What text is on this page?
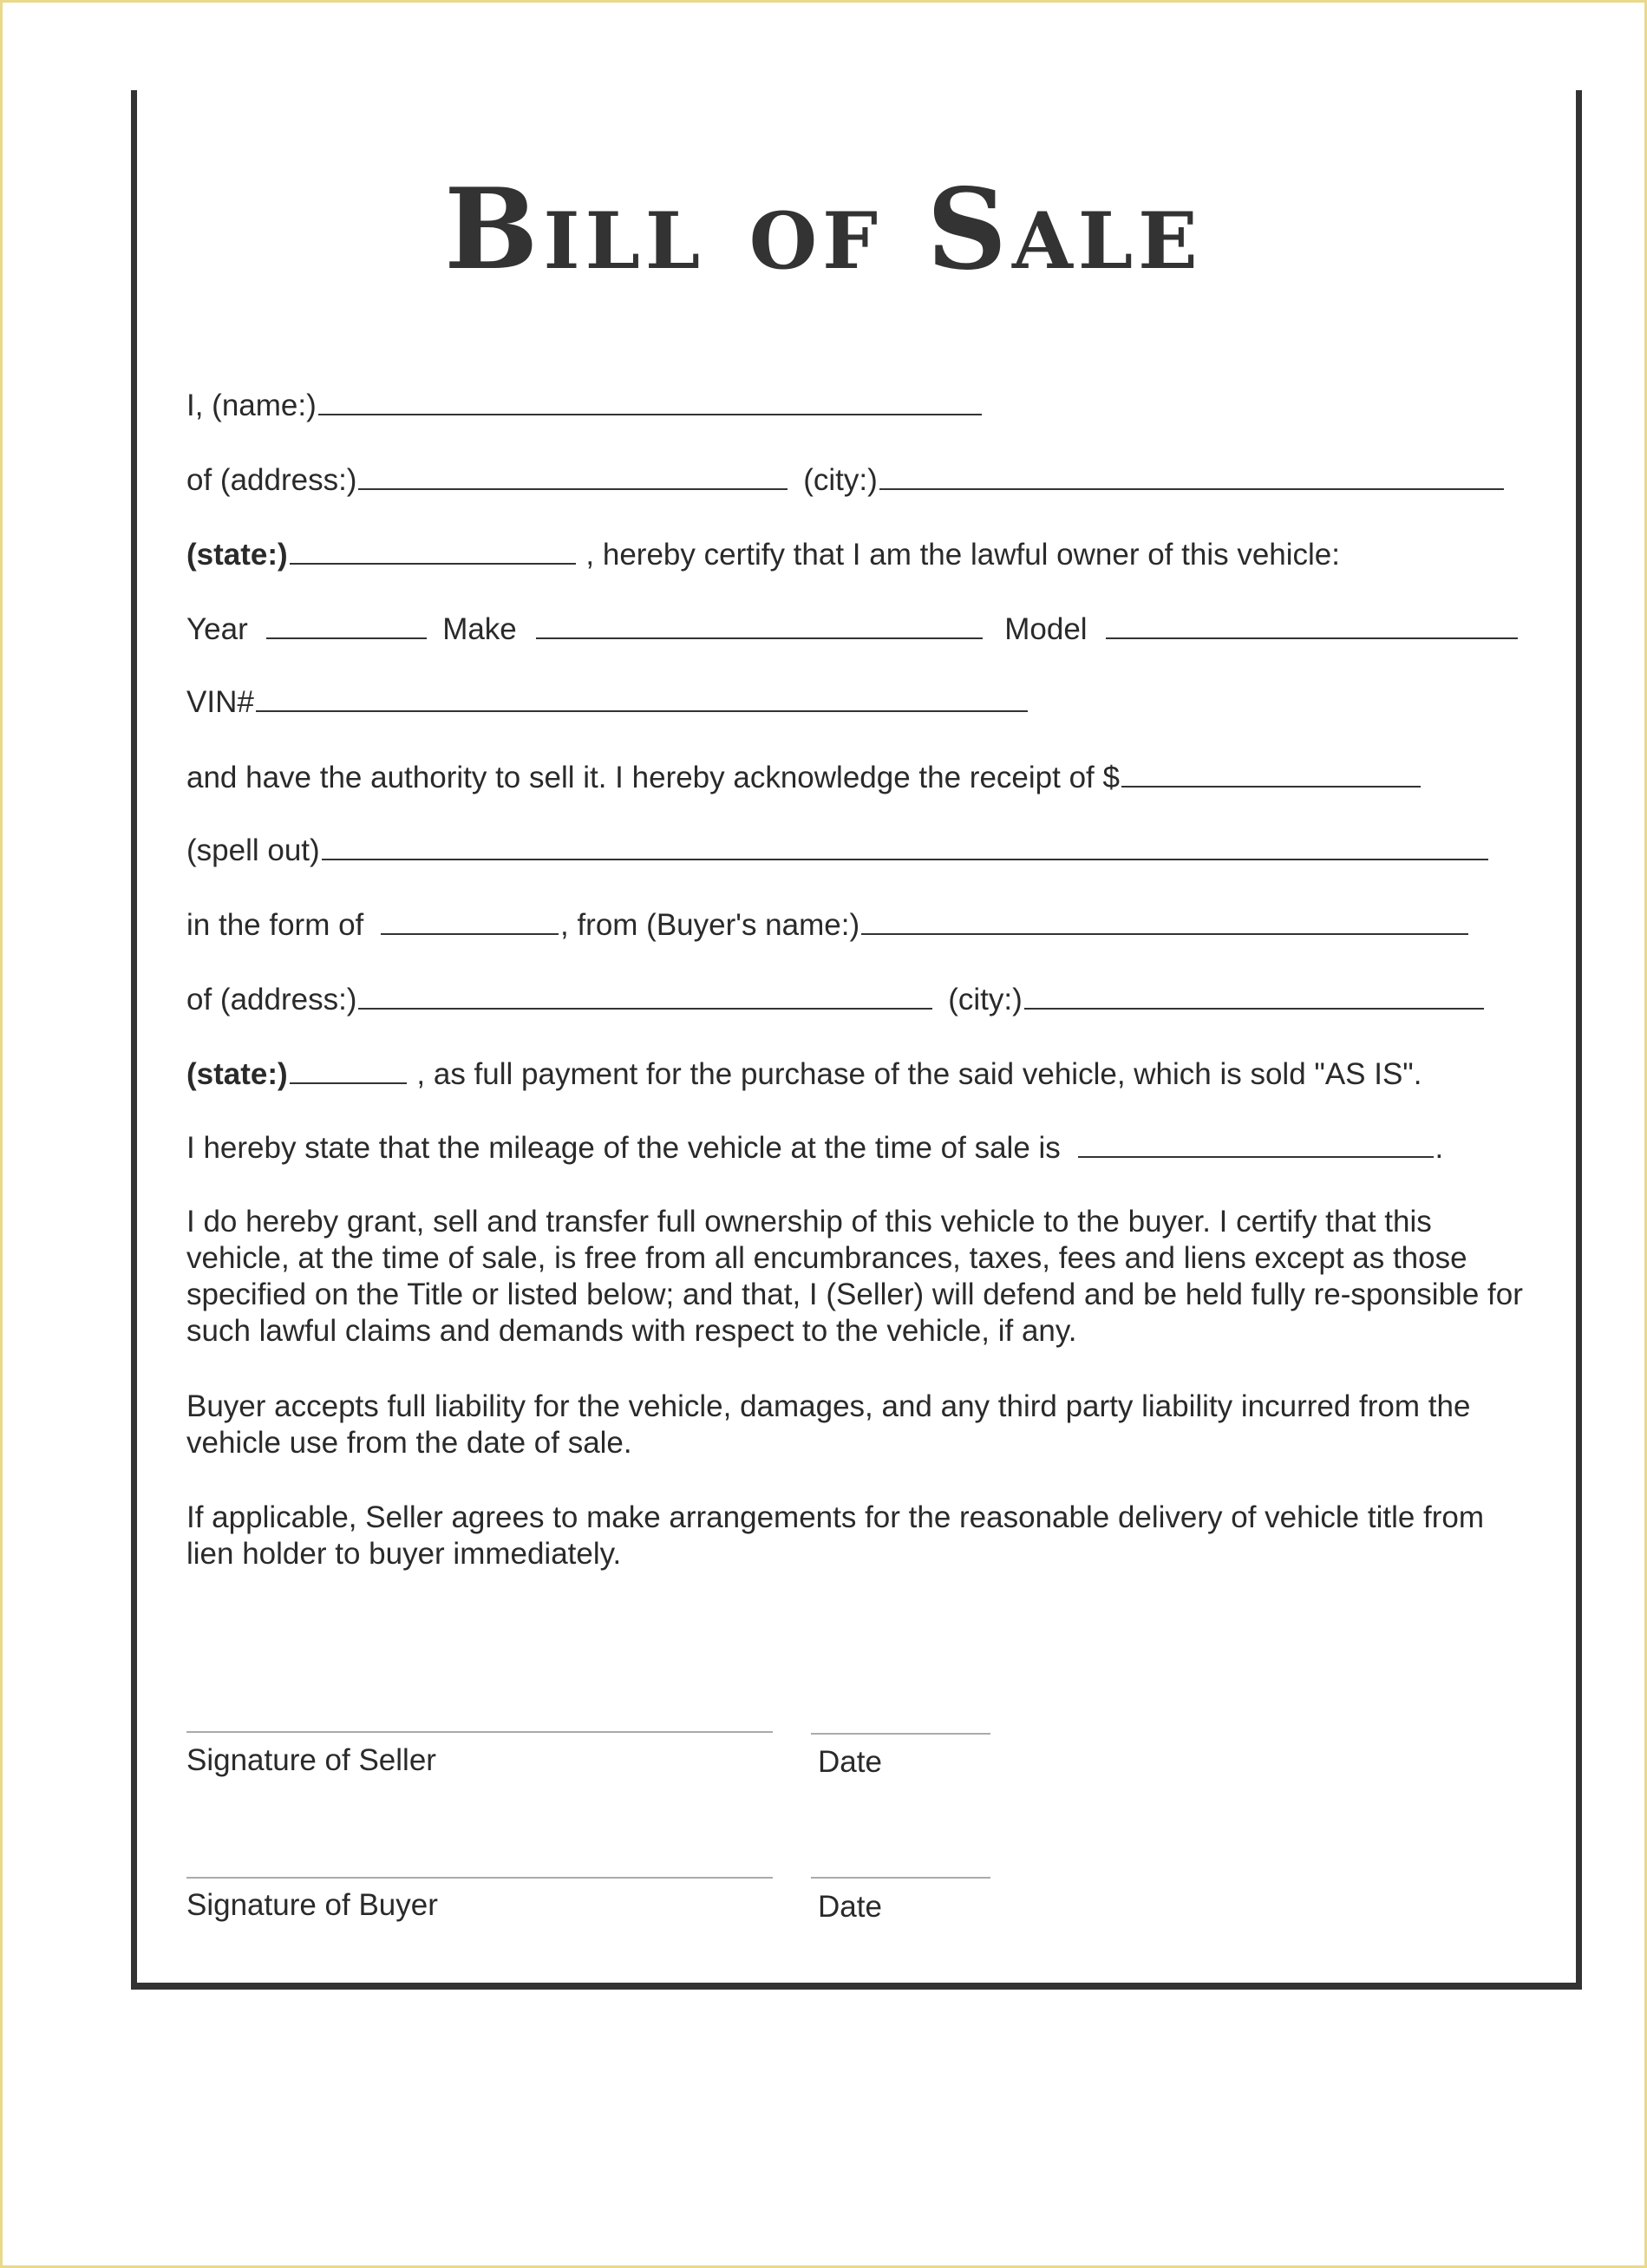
Bill of Sale
I, (name:)
of (address:)	(city:)
(state:)	, hereby certify that I am the lawful owner of this vehicle:
Year	Make	Model
VIN#
and have the authority to sell it. I hereby acknowledge the receipt of $
(spell out)
in the form of	, from (Buyer's name:)
of (address:)	(city:)
(state:)	, as full payment for the purchase of the said vehicle, which is sold "AS IS".
I hereby state that the mileage of the vehicle at the time of sale is	.

I do hereby grant, sell and transfer full ownership of this vehicle to the buyer. I certify that this vehicle, at the time of sale, is free from all encumbrances, taxes, fees and liens except as those specified on the Title or listed below; and that, I (Seller) will defend and be held fully re-sponsible for such lawful claims and demands with respect to the vehicle, if any.

Buyer accepts full liability for the vehicle, damages, and any third party liability incurred from the vehicle use from the date of sale.

If applicable, Seller agrees to make arrangements for the reasonable delivery of vehicle title from lien holder to buyer immediately.

Signature of Seller	Date
Signature of Buyer	Date
